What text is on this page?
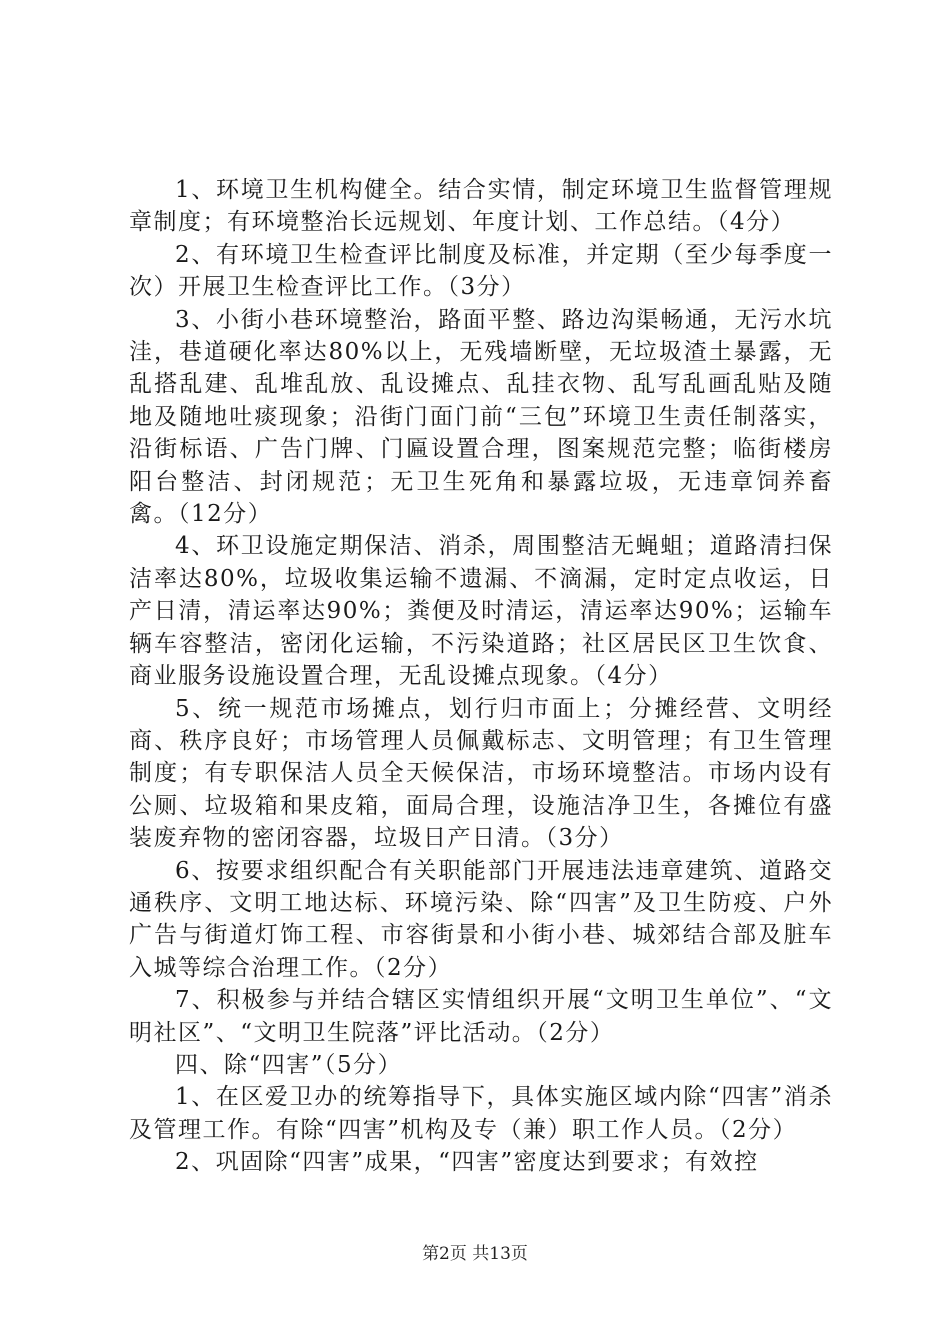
1、环境卫生机构健全。结合实情，制定环境卫生监督管理规章制度；有环境整治长远规划、年度计划、工作总结。（4分）

2、有环境卫生检查评比制度及标准，并定期（至少每季度一次）开展卫生检查评比工作。（3分）

3、小街小巷环境整治，路面平整、路边沟渠畅通，无污水坑洼，巷道硬化率达80%以上，无残墙断壁，无垃圾渣土暴露，无乱搭乱建、乱堆乱放、乱设摊点、乱挂衣物、乱写乱画乱贴及随地及随地吐痰现象；沿街门面门前“三包”环境卫生责任制落实，沿街标语、广告门牌、门匾设置合理，图案规范完整；临街楼房阳台整洁、封闭规范；无卫生死角和暴露垃圾，无违章饲养畜禽。（12分）

4、环卫设施定期保洁、消杀，周围整洁无蝇蛆；道路清扫保洁率达80%，垃圾收集运输不遗漏、不滴漏，定时定点收运，日产日清，清运率达90%；粪便及时清运，清运率达90%；运输车辆车容整洁，密闭化运输，不污染道路；社区居民区卫生饮食、商业服务设施设置合理，无乱设摊点现象。（4分）

5、统一规范市场摊点，划行归市面上；分摊经营、文明经商、秩序良好；市场管理人员佩戴标志、文明管理；有卫生管理制度；有专职保洁人员全天候保洁，市场环境整洁。市场内设有公厕、垃圾箱和果皮箱，面局合理，设施洁净卫生，各摊位有盛装废弃物的密闭容器，垃圾日产日清。（3分）

6、按要求组织配合有关职能部门开展违法违章建筑、道路交通秩序、文明工地达标、环境污染、除“四害”及卫生防疫、户外广告与街道灯饰工程、市容街景和小街小巷、城郊结合部及脏车入城等综合治理工作。（2分）

7、积极参与并结合辖区实情组织开展“文明卫生单位”、“文明社区”、“文明卫生院落”评比活动。（2分）

四、除“四害”（5分）

1、在区爱卫办的统筹指导下，具体实施区域内除“四害”消杀及管理工作。有除“四害”机构及专（兼）职工作人员。（2分）

2、巩固除“四害”成果，“四害”密度达到要求；有效控

第2页 共13页
